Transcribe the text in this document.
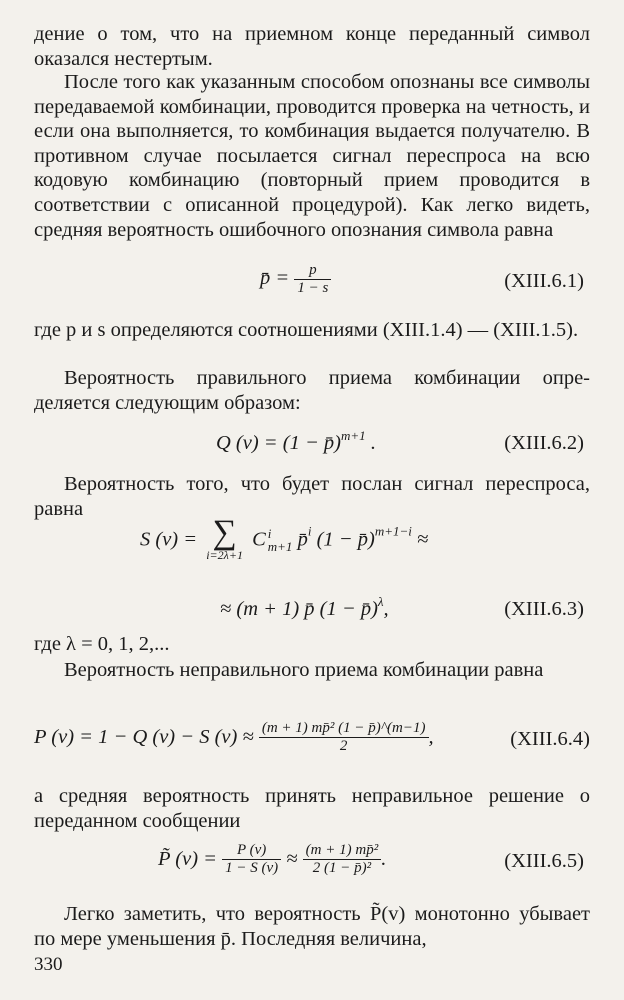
дение о том, что на приемном конце переданный символ оказался нестертым.

После того как указанным способом опознаны все символы передаваемой комбинации, проводится проверка на четность, и если она выполняется, то комбинация выдается получателю. В противном случае посылается сигнал переспроса на всю кодовую комбинацию (повторный прием проводится в соответствии с описанной процедурой). Как легко видеть, средняя вероятность ошибочного опознания символа равна

p̄ = $\frac{p}{1 - s}$	(XIII.6.1)

где p и s определяются соотношениями (XIII.1.4) — (XIII.1.5).

Вероятность правильного приема комбинации определяется следующим образом:

Q (v) = (1 − p̄)$^{m+1}$ .	(XIII.6.2)

Вероятность того, что будет послан сигнал переспроса, равна

S (v) = ∑
i=2λ+1
C i
m+1 p̄$^i$ (1 − p̄)$^{m+1-i}$ ≈
≈ (m + 1) p̄ (1 − p̄)$^\lambda$,	(XIII.6.3)

где λ = 0, 1, 2,...

Вероятность неправильного приема комбинации равна

P (v) = 1 − Q (v) − S $(v) \approx \frac{\text{(m + 1) mp̄² (1 − p̄)\textasciicircum{}(m−1)}}{2}$ ,	(XIII.6.4)

а средняя вероятность принять неправильное решение о переданном сообщении

P̃ $(v) = \frac{P (v)}{1 - S (v)} \approx \frac{\text{(m + 1) mp̄²}}{\text{2 (1 − p̄)²}}$ .	(XIII.6.5)

Легко заметить, что вероятность P̃(v) монотонно убывает по мере уменьшения p̄. Последняя величина,

330
